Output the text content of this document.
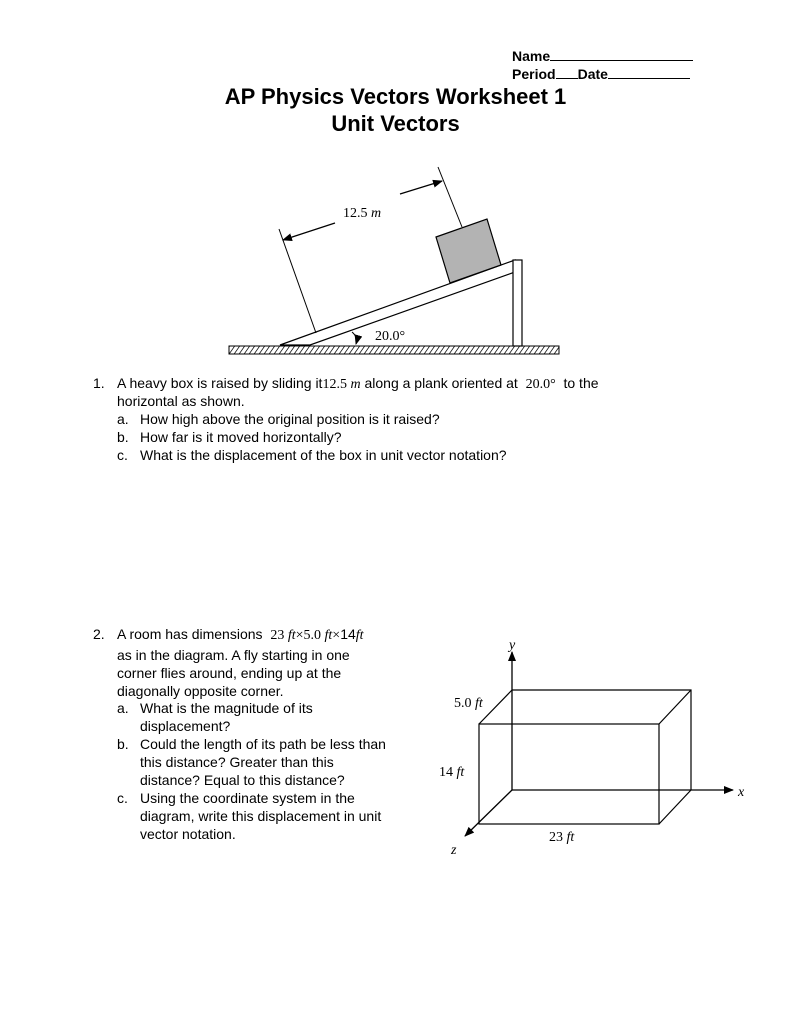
Name
Period Date
AP Physics Vectors Worksheet 1
Unit Vectors
12.5 m
20.0°
y
x
z
5.0 ft
14 ft
23 ft
1. A heavy box is raised by sliding it12.5 m along a plank oriented at 20.0° to the
horizontal as shown.
a. How high above the original position is it raised?
b. How far is it moved horizontally?
c. What is the displacement of the box in unit vector notation?
2. A room has dimensions 23 ft×5.0 ft×14ft
as in the diagram. A fly starting in one
corner flies around, ending up at the
diagonally opposite corner.
a. What is the magnitude of its
displacement?
b. Could the length of its path be less than
this distance? Greater than this
distance? Equal to this distance?
c. Using the coordinate system in the
diagram, write this displacement in unit
vector notation.
